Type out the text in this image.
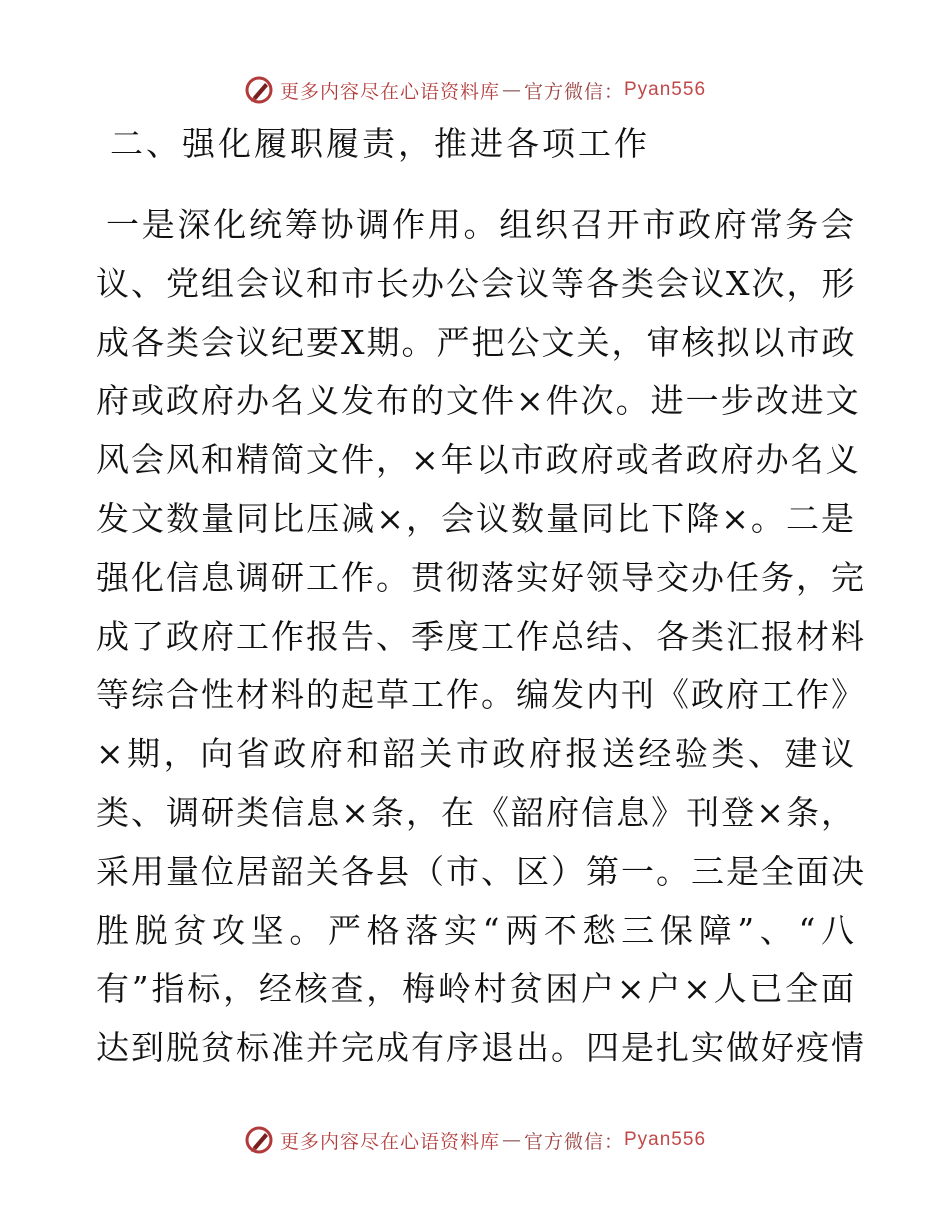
更多内容尽在心语资料库 — 官方微信： Pyan556
二、强化履职履责，推进各项工作
一是深化统筹协调作用。组织召开市政府常务会
议、党组会议和市长办公会议等各类会议X次，形
成各类会议纪要X期。严把公文关，审核拟以市政
府或政府办名义发布的文件×件次。进一步改进文
风会风和精简文件，×年以市政府或者政府办名义
发文数量同比压减×，会议数量同比下降×。二是
强化信息调研工作。贯彻落实好领导交办任务，完
成了政府工作报告、季度工作总结、各类汇报材料
等综合性材料的起草工作。编发内刊《政府工作》
×期，向省政府和韶关市政府报送经验类、建议
类、调研类信息×条，在《韶府信息》刊登×条，
采用量位居韶关各县（市、区）第一。三是全面决
胜脱贫攻坚。严格落实“两不愁三保障”、“八
有”指标，经核查，梅岭村贫困户×户×人已全面
达到脱贫标准并完成有序退出。四是扎实做好疫情
更多内容尽在心语资料库 — 官方微信： Pyan556
